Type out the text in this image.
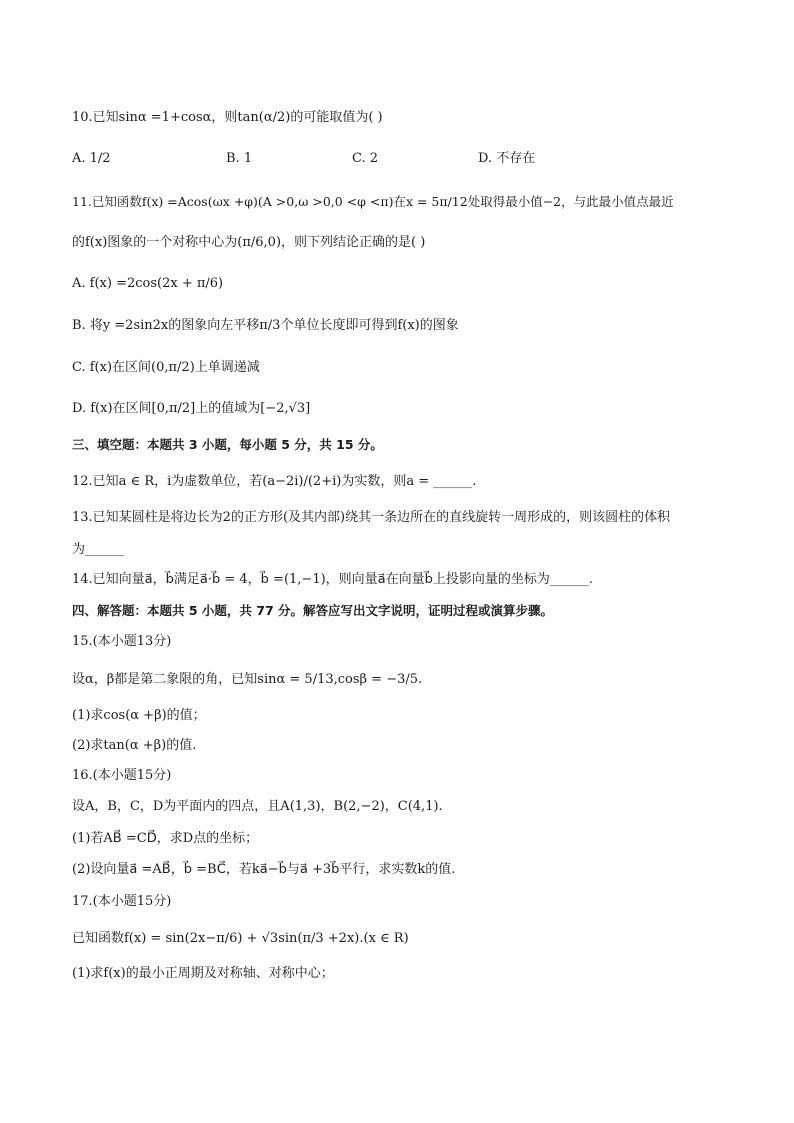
10.已知sinα =1+cosα，则tan(α/2)的可能取值为( )
A. 1/2	B. 1	C. 2	D. 不存在
11.已知函数f(x) =Acos(ωx +φ)(A >0,ω >0,0 <φ <π)在x = 5π/12处取得最小值−2，与此最小值点最近
的f(x)图象的一个对称中心为(π/6,0)，则下列结论正确的是( )
A. f(x) =2cos(2x + π/6)
B. 将y =2sin2x的图象向左平移π/3个单位长度即可得到f(x)的图象
C. f(x)在区间(0,π/2)上单调递减
D. f(x)在区间[0,π/2]上的值域为[−2,√3]
三、填空题：本题共 3 小题，每小题 5 分，共 15 分。
12.已知a ∈ R，i为虚数单位，若(a−2i)/(2+i)为实数，则a = ______.
13.已知某圆柱是将边长为2的正方形(及其内部)绕其一条边所在的直线旋转一周形成的，则该圆柱的体积
为______
14.已知向量a⃗，b⃗满足a⃗·b⃗ = 4，b⃗ =(1,−1)，则向量a⃗在向量b⃗上投影向量的坐标为______.
四、解答题：本题共 5 小题，共 77 分。解答应写出文字说明，证明过程或演算步骤。
15.(本小题13分)
设α，β都是第二象限的角，已知sinα = 5/13,cosβ = −3/5.
(1)求cos(α +β)的值；
(2)求tan(α +β)的值.
16.(本小题15分)
设A，B，C，D为平面内的四点，且A(1,3)，B(2,−2)，C(4,1).
(1)若AB⃗ =CD⃗，求D点的坐标；
(2)设向量a⃗ =AB⃗，b⃗ =BC⃗，若ka⃗−b⃗与a⃗ +3b⃗平行，求实数k的值.
17.(本小题15分)
已知函数f(x) = sin(2x−π/6) + √3sin(π/3 +2x).(x ∈ R)
(1)求f(x)的最小正周期及对称轴、对称中心；
